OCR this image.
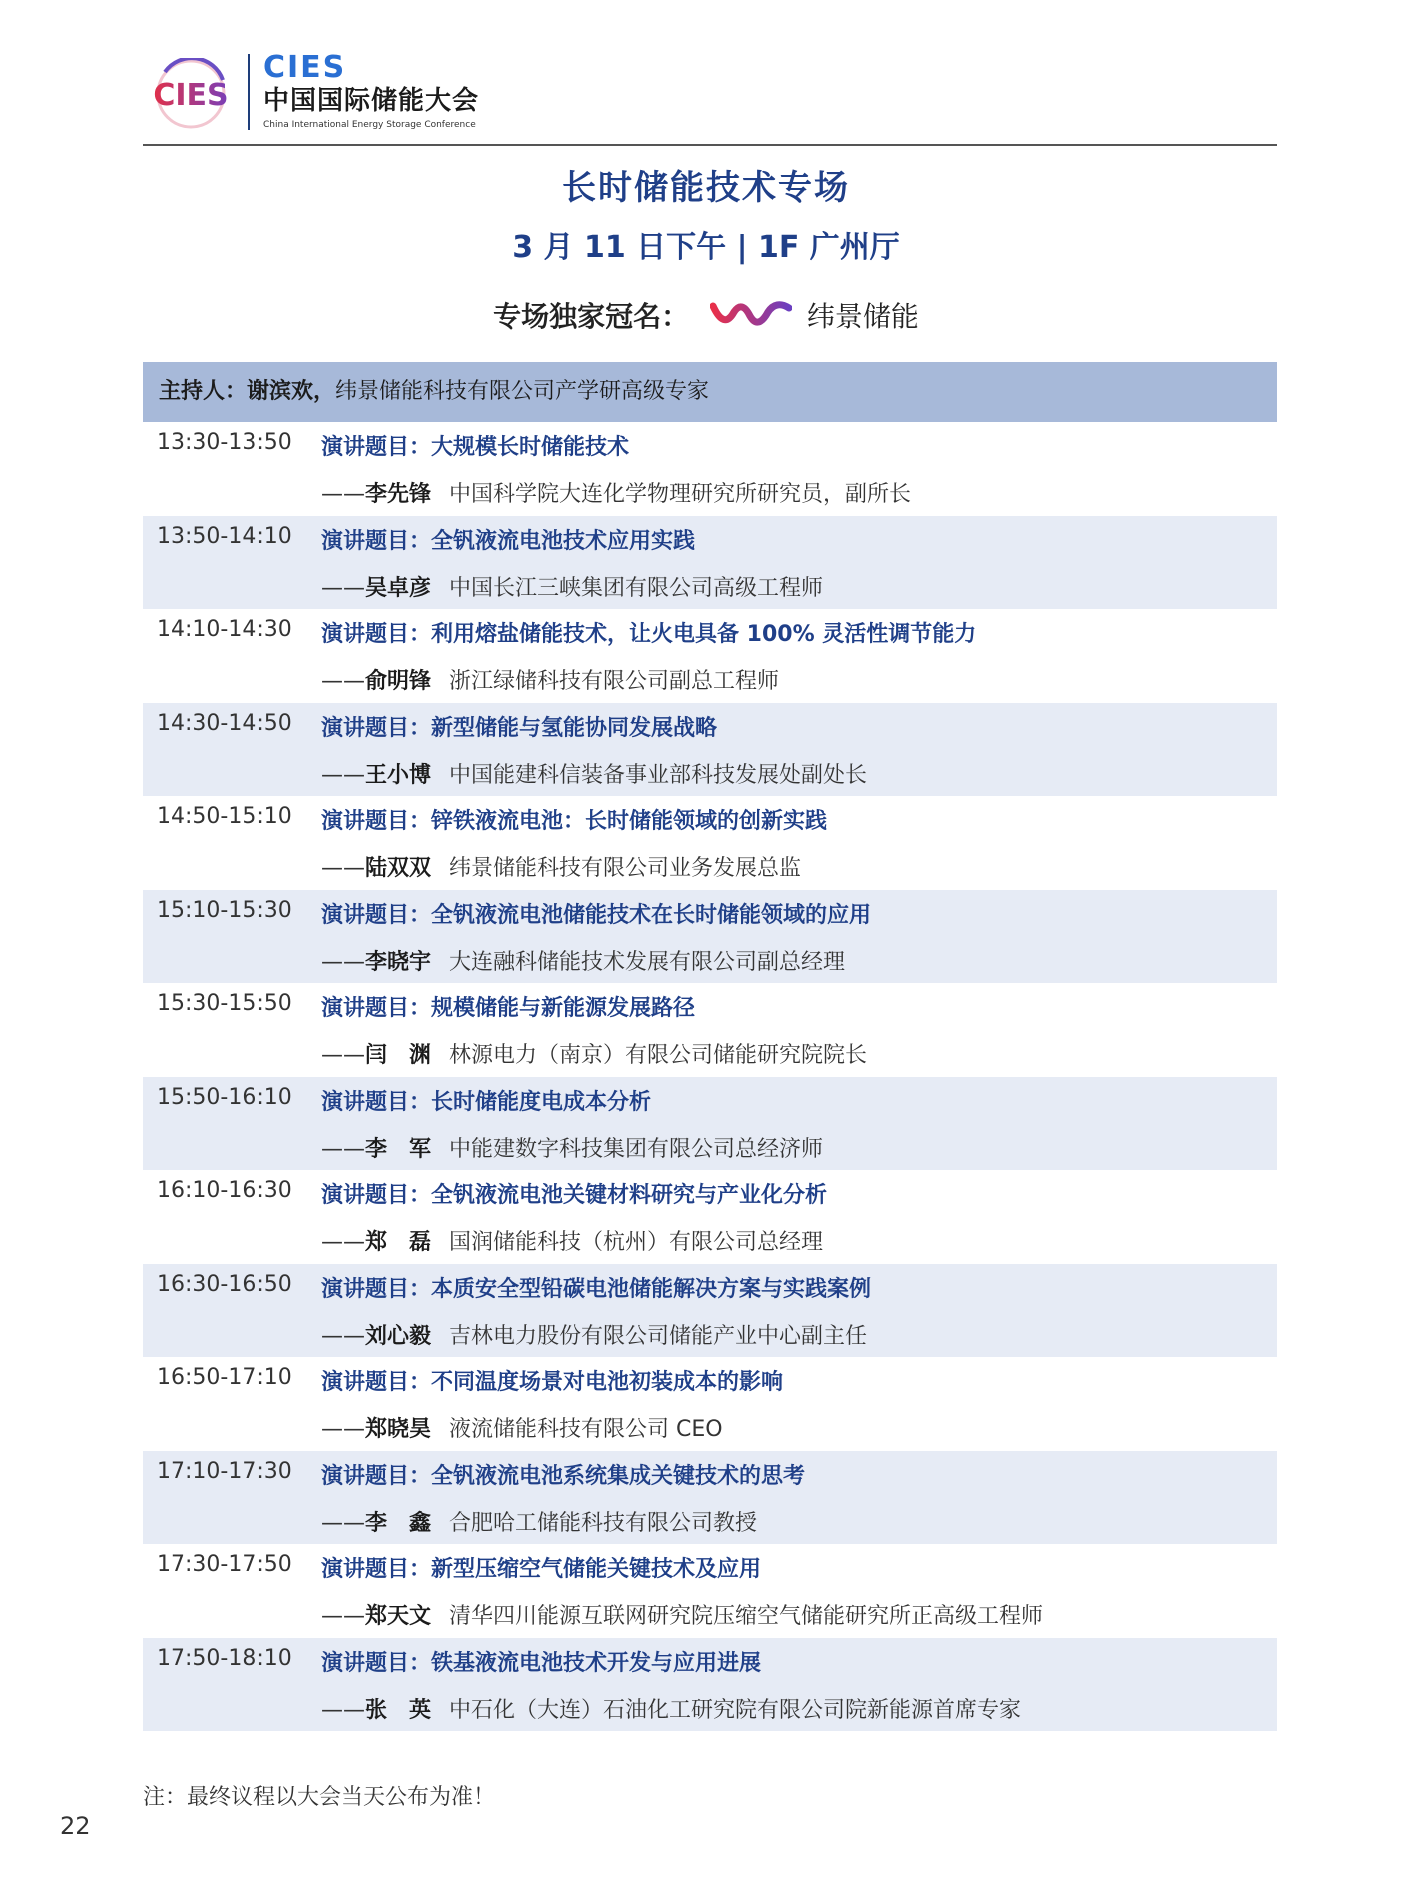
CIES
CIES
中国国际储能大会
China International Energy Storage Conference
长时储能技术专场
3 月 11 日下午 | 1F 广州厅
专场独家冠名：	纬景储能
主持人：谢滨欢，纬景储能科技有限公司产学研高级专家
13:30-13:50 演讲题目：大规模长时储能技术
——李先锋 中国科学院大连化学物理研究所研究员，副所长
13:50-14:10 演讲题目：全钒液流电池技术应用实践
——吴卓彦 中国长江三峡集团有限公司高级工程师
14:10-14:30 演讲题目：利用熔盐储能技术，让火电具备 100% 灵活性调节能力
——俞明锋 浙江绿储科技有限公司副总工程师
14:30-14:50 演讲题目：新型储能与氢能协同发展战略
——王小博 中国能建科信装备事业部科技发展处副处长
14:50-15:10 演讲题目：锌铁液流电池：长时储能领域的创新实践
——陆双双 纬景储能科技有限公司业务发展总监
15:10-15:30 演讲题目：全钒液流电池储能技术在长时储能领域的应用
——李晓宇 大连融科储能技术发展有限公司副总经理
15:30-15:50 演讲题目：规模储能与新能源发展路径
——闫　渊 林源电力（南京）有限公司储能研究院院长
15:50-16:10 演讲题目：长时储能度电成本分析
——李　军 中能建数字科技集团有限公司总经济师
16:10-16:30 演讲题目：全钒液流电池关键材料研究与产业化分析
——郑　磊 国润储能科技（杭州）有限公司总经理
16:30-16:50 演讲题目：本质安全型铅碳电池储能解决方案与实践案例
——刘心毅 吉林电力股份有限公司储能产业中心副主任
16:50-17:10 演讲题目：不同温度场景对电池初装成本的影响
——郑晓昊 液流储能科技有限公司 CEO
17:10-17:30 演讲题目：全钒液流电池系统集成关键技术的思考
——李　鑫 合肥哈工储能科技有限公司教授
17:30-17:50 演讲题目：新型压缩空气储能关键技术及应用
——郑天文 清华四川能源互联网研究院压缩空气储能研究所正高级工程师
17:50-18:10 演讲题目：铁基液流电池技术开发与应用进展
——张　英 中石化（大连）石油化工研究院有限公司院新能源首席专家
注：最终议程以大会当天公布为准！
22
